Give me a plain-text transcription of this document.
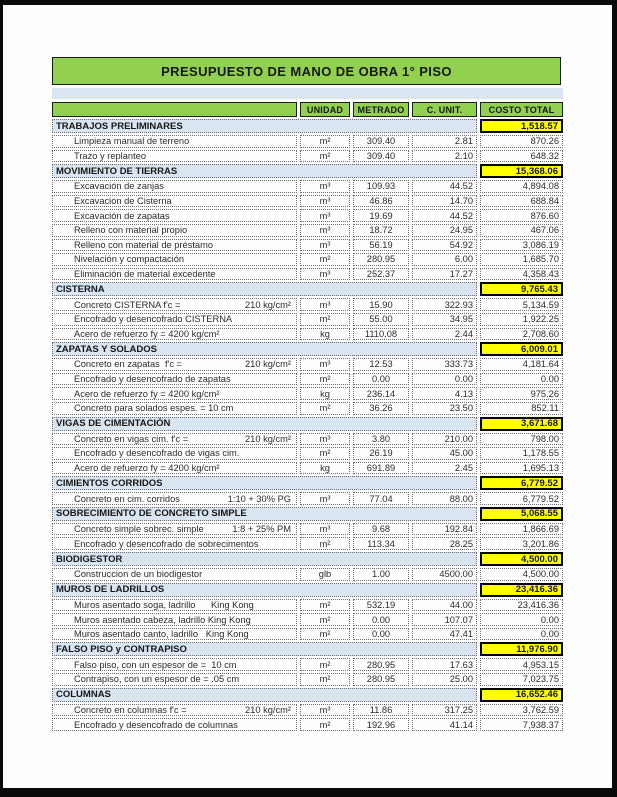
PRESUPUESTO DE MANO DE OBRA 1° PISO
UNIDAD	METRADO	C. UNIT.	COSTO TOTAL
TRABAJOS PRELIMINARES	1,518.57
Limpieza manual de terreno	m²	309.40	2.81	870.26
Trazo y replanteo	m²	309.40	2.10	648.32
MOVIMIENTO DE TIERRAS	15,368.06
Excavación de zanjas	m³	109.93	44.52	4,894.08
Excavacion de Cisterna	m³	46.86	14.70	688.84
Excavación de zapatas	m³	19.69	44.52	876.60
Relleno con material propio	m³	18.72	24.95	467.06
Relleno con material de préstamo	m³	56.19	54.92	3,086.19
Nivelación y compactación	m²	280.95	6.00	1,685.70
Eliminación de material excedente	m³	252.37	17.27	4,358.43
CISTERNA	9,765.43
Concreto CISTERNA f'c =	210 kg/cm²	m³	15.90	322.93	5,134.59
Encofrado y desencofrado CISTERNA	m²	55.00	34.95	1,922.25
Acero de refuerzo fy = 4200 kg/cm²	kg	1110.08	2.44	2,708.60
ZAPATAS Y SOLADOS	6,009.01
Concreto en zapatas  f'c =	210 kg/cm²	m³	12.53	333.73	4,181.64
Encofrado y desencofrado de zapatas	m²	0.00	0.00	0.00
Acero de refuerzo fy = 4200 kg/cm²	kg	236.14	4.13	975.26
Concreto para solados espes. = 10 cm	m²	36.26	23.50	852.11
VIGAS DE CIMENTACIÓN	3,671.68
Concreto en vigas cim. f'c =	210 kg/cm²	m³	3.80	210.00	798.00
Encofrado y desencofrado de vigas cim.	m²	26.19	45.00	1,178.55
Acero de refuerzo fy = 4200 kg/cm²	kg	691.89	2.45	1,695.13
CIMIENTOS CORRIDOS	6,779.52
Concreto en cim. corridos	1:10 + 30% PG	m³	77.04	88.00	6,779.52
SOBRECIMIENTO DE CONCRETO SIMPLE	5,068.55
Concreto simple sobrec. simple	1:8 + 25% PM	m³	9.68	192.84	1,866.69
Encofrado y desencofrado de sobrecimentos	m²	113.34	28.25	3,201.86
BIODIGESTOR	4,500.00
Construccion de un biodigestor	glb	1.00	4500.00	4,500.00
MUROS DE LADRILLOS	23,416.36
Muros asentado soga, ladrillo      King Kong	m²	532.19	44.00	23,416.36
Muros asentado cabeza, ladrillo King Kong	m²	0.00	107.07	0.00
Muros asentado canto, ladrillo   King Kong	m²	0.00	47.41	0.00
FALSO PISO y CONTRAPISO	11,976.90
Falso piso, con un espesor de =  10 cm	m²	280.95	17.63	4,953.15
Contrapiso, con un espesor de = .05 cm	m²	280.95	25.00	7,023.75
COLUMNAS	16,652.46
Concreto en columnas f'c =	210 kg/cm²	m³	11.86	317.25	3,762.59
Encofrado y desencofrado de columnas	m²	192.96	41.14	7,938.37
